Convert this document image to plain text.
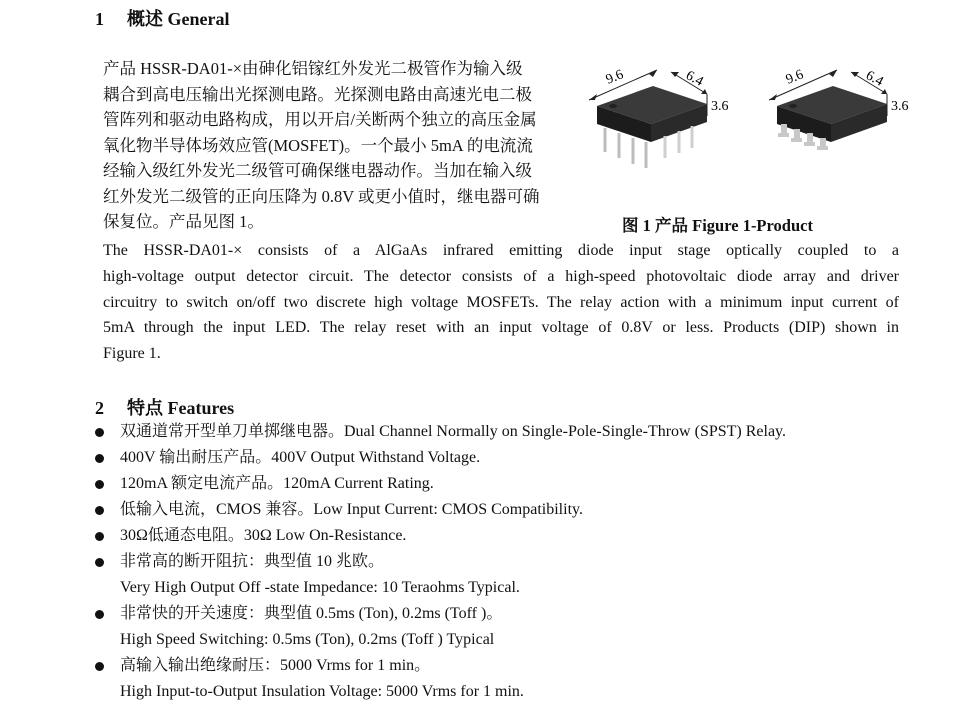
1 概述 General
产品 HSSR-DA01-×由砷化铝镓红外发光二极管作为输入级
耦合到高电压输出光探测电路。光探测电路由高速光电二极
管阵列和驱动电路构成，用以开启/关断两个独立的高压金属
氧化物半导体场效应管(MOSFET)。一个最小 5mA 的电流流
经输入级红外发光二级管可确保继电器动作。当加在输入级
红外发光二级管的正向压降为 0.8V 或更小值时，继电器可确
保复位。产品见图 1。
9.6	6.4
3.6
9.6	6.4
3.6
图 1 产品 Figure 1-Product
The HSSR-DA01-× consists of a AlGaAs infrared emitting diode input stage optically coupled to a
high-voltage output detector circuit. The detector consists of a high-speed photovoltaic diode array and driver
circuitry to switch on/off two discrete high voltage MOSFETs. The relay action with a minimum input current of
5mA through the input LED. The relay reset with an input voltage of 0.8V or less. Products (DIP) shown in
Figure 1.
2 特点 Features
双通道常开型单刀单掷继电器。Dual Channel Normally on Single-Pole-Single-Throw (SPST) Relay.
400V 输出耐压产品。400V Output Withstand Voltage.
120mA 额定电流产品。120mA Current Rating.
低输入电流，CMOS 兼容。Low Input Current: CMOS Compatibility.
30Ω低通态电阻。30Ω Low On-Resistance.
非常高的断开阻抗：典型值 10 兆欧。
Very High Output Off -state Impedance: 10 Teraohms Typical.
非常快的开关速度：典型值 0.5ms (Ton), 0.2ms (Toff )。
High Speed Switching: 0.5ms (Ton), 0.2ms (Toff ) Typical
高输入输出绝缘耐压：5000 Vrms for 1 min。
High Input-to-Output Insulation Voltage: 5000 Vrms for 1 min.
